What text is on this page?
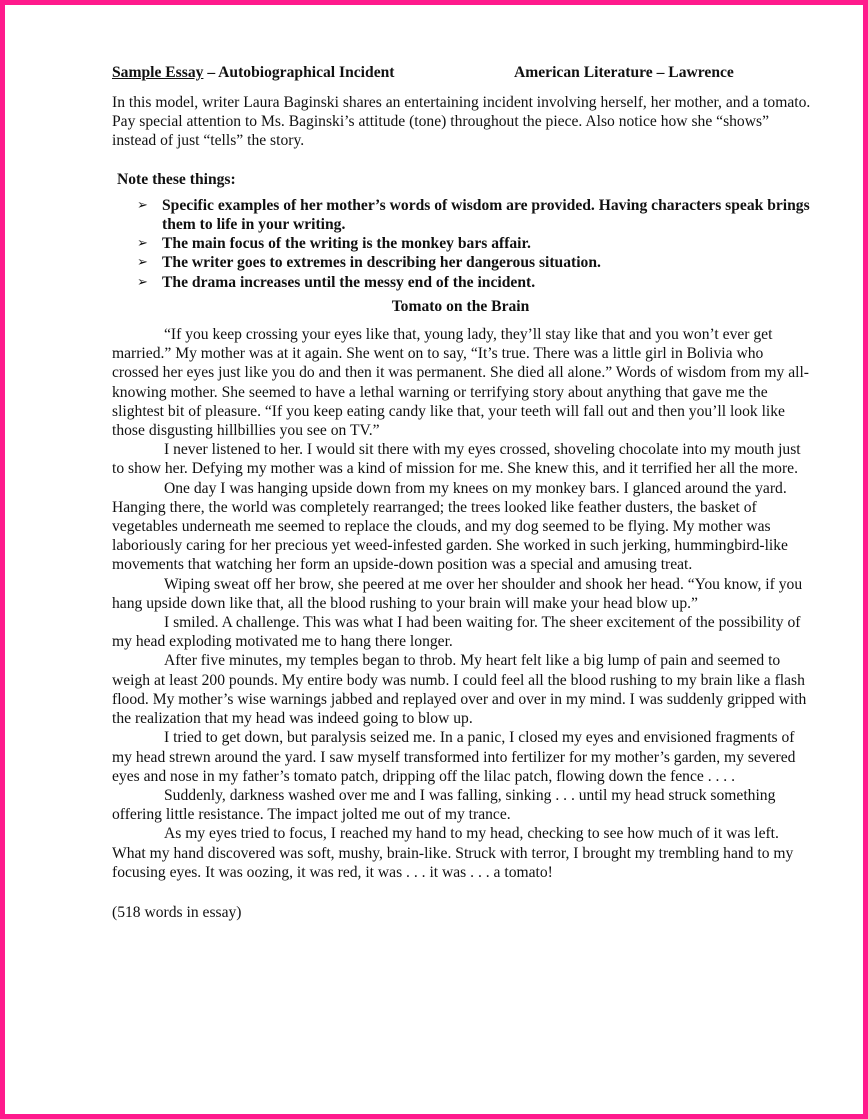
Sample Essay – Autobiographical Incident	American Literature – Lawrence
In this model, writer Laura Baginski shares an entertaining incident involving herself, her mother, and a tomato. Pay special attention to Ms. Baginski’s attitude (tone) throughout the piece. Also notice how she “shows” instead of just “tells” the story.
Note these things:
➢ Specific examples of her mother’s words of wisdom are provided. Having characters speak brings them to life in your writing.
➢ The main focus of the writing is the monkey bars affair.
➢ The writer goes to extremes in describing her dangerous situation.
➢ The drama increases until the messy end of the incident.
Tomato on the Brain

“If you keep crossing your eyes like that, young lady, they’ll stay like that and you won’t ever get married.” My mother was at it again. She went on to say, “It’s true. There was a little girl in Bolivia who crossed her eyes just like you do and then it was permanent. She died all alone.” Words of wisdom from my all-knowing mother. She seemed to have a lethal warning or terrifying story about anything that gave me the slightest bit of pleasure. “If you keep eating candy like that, your teeth will fall out and then you’ll look like those disgusting hillbillies you see on TV.”

I never listened to her. I would sit there with my eyes crossed, shoveling chocolate into my mouth just to show her. Defying my mother was a kind of mission for me. She knew this, and it terrified her all the more.

One day I was hanging upside down from my knees on my monkey bars. I glanced around the yard. Hanging there, the world was completely rearranged; the trees looked like feather dusters, the basket of vegetables underneath me seemed to replace the clouds, and my dog seemed to be flying. My mother was laboriously caring for her precious yet weed-infested garden. She worked in such jerking, hummingbird-like movements that watching her form an upside-down position was a special and amusing treat.

Wiping sweat off her brow, she peered at me over her shoulder and shook her head. “You know, if you hang upside down like that, all the blood rushing to your brain will make your head blow up.”

I smiled. A challenge. This was what I had been waiting for. The sheer excitement of the possibility of my head exploding motivated me to hang there longer.

After five minutes, my temples began to throb. My heart felt like a big lump of pain and seemed to weigh at least 200 pounds. My entire body was numb. I could feel all the blood rushing to my brain like a flash flood. My mother’s wise warnings jabbed and replayed over and over in my mind. I was suddenly gripped with the realization that my head was indeed going to blow up.

I tried to get down, but paralysis seized me. In a panic, I closed my eyes and envisioned fragments of my head strewn around the yard. I saw myself transformed into fertilizer for my mother’s garden, my severed eyes and nose in my father’s tomato patch, dripping off the lilac patch, flowing down the fence . . . .

Suddenly, darkness washed over me and I was falling, sinking . . . until my head struck something offering little resistance. The impact jolted me out of my trance.

As my eyes tried to focus, I reached my hand to my head, checking to see how much of it was left. What my hand discovered was soft, mushy, brain-like. Struck with terror, I brought my trembling hand to my focusing eyes. It was oozing, it was red, it was . . . it was . . . a tomato!

(518 words in essay)
